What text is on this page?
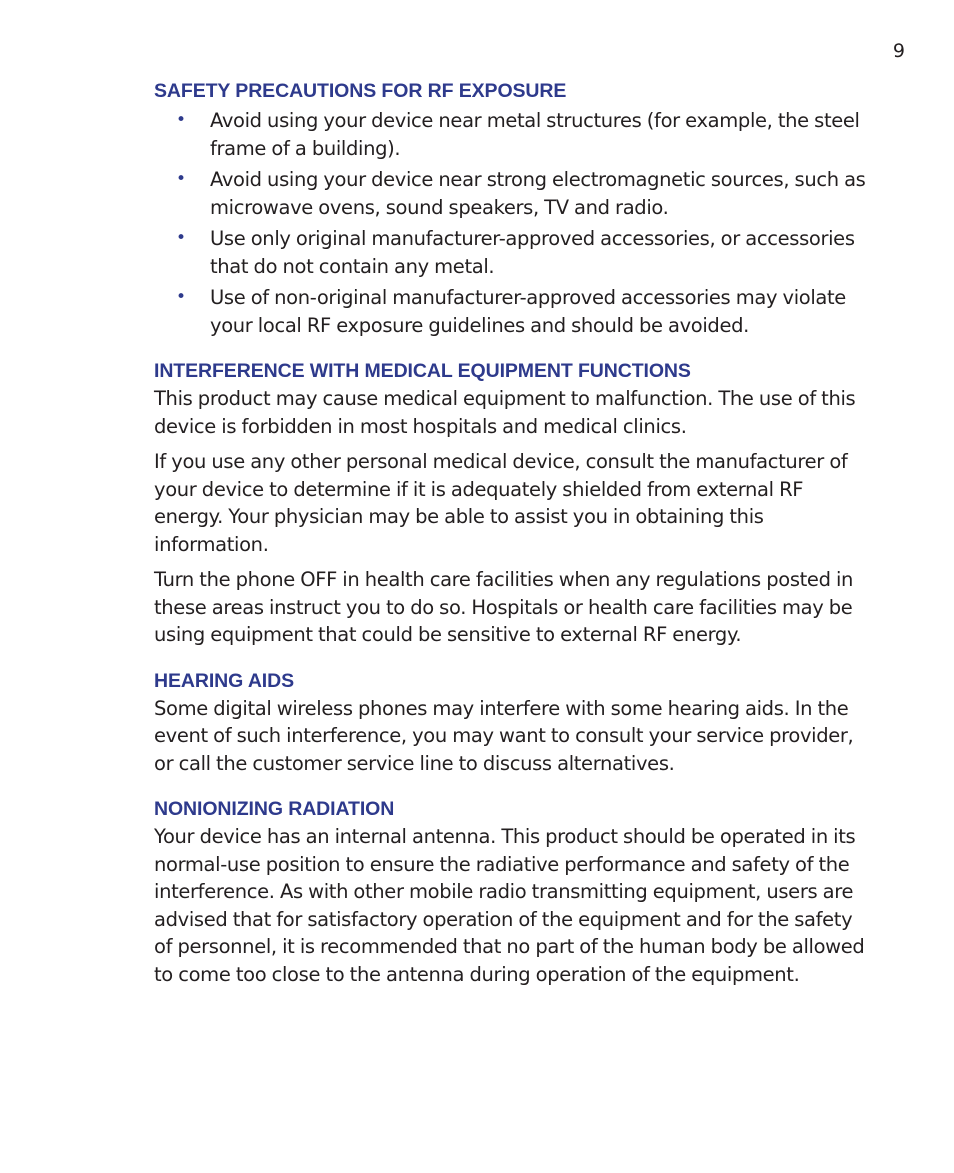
9
SAFETY PRECAUTIONS FOR RF EXPOSURE
• Avoid using your device near metal structures (for example, the steel frame of a building).
• Avoid using your device near strong electromagnetic sources, such as microwave ovens, sound speakers, TV and radio.
• Use only original manufacturer-approved accessories, or accessories that do not contain any metal.
• Use of non-original manufacturer-approved accessories may violate your local RF exposure guidelines and should be avoided.
INTERFERENCE WITH MEDICAL EQUIPMENT FUNCTIONS

This product may cause medical equipment to malfunction. The use of this device is forbidden in most hospitals and medical clinics.

If you use any other personal medical device, consult the manufacturer of your device to determine if it is adequately shielded from external RF energy. Your physician may be able to assist you in obtaining this information.

Turn the phone OFF in health care facilities when any regulations posted in these areas instruct you to do so. Hospitals or health care facilities may be using equipment that could be sensitive to external RF energy.

HEARING AIDS

Some digital wireless phones may interfere with some hearing aids. In the event of such interference, you may want to consult your service provider, or call the customer service line to discuss alternatives.

NONIONIZING RADIATION

Your device has an internal antenna. This product should be operated in its normal-use position to ensure the radiative performance and safety of the interference. As with other mobile radio transmitting equipment, users are advised that for satisfactory operation of the equipment and for the safety of personnel, it is recommended that no part of the human body be allowed to come too close to the antenna during operation of the equipment.
